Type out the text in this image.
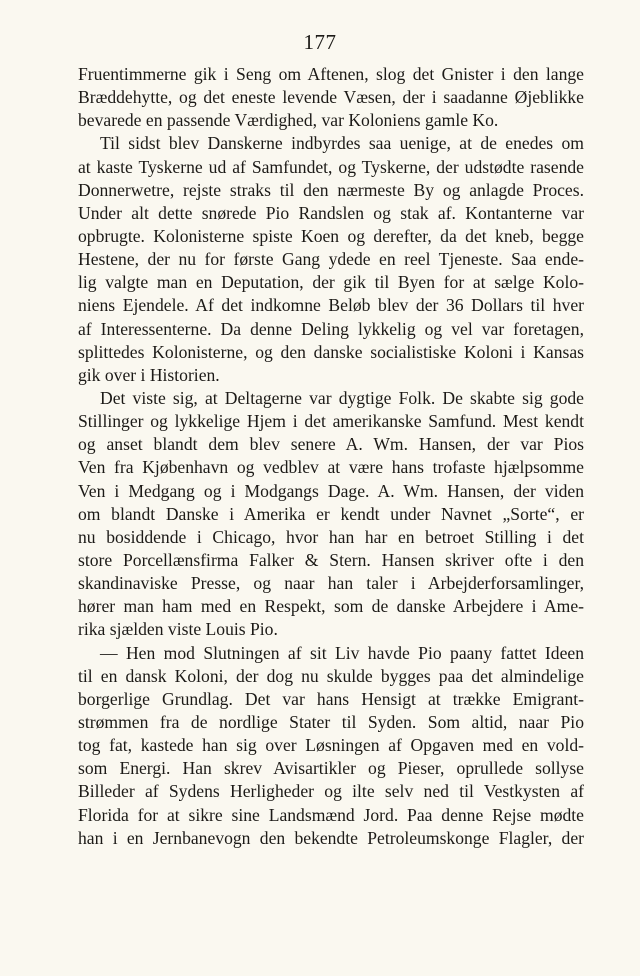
177
Fruentimmerne gik i Seng om Aftenen, slog det Gnister i den lange
Bræddehytte, og det eneste levende Væsen, der i saadanne Øjeblikke
bevarede en passende Værdighed, var Koloniens gamle Ko.
Til sidst blev Danskerne indbyrdes saa uenige, at de enedes om
at kaste Tyskerne ud af Samfundet, og Tyskerne, der udstødte rasende
Donnerwetre, rejste straks til den nærmeste By og anlagde Proces.
Under alt dette snørede Pio Randslen og stak af. Kontanterne var
opbrugte. Kolonisterne spiste Koen og derefter, da det kneb, begge
Hestene, der nu for første Gang ydede en reel Tjeneste. Saa ende-
lig valgte man en Deputation, der gik til Byen for at sælge Kolo-
niens Ejendele. Af det indkomne Beløb blev der 36 Dollars til hver
af Interessenterne. Da denne Deling lykkelig og vel var foretagen,
splittedes Kolonisterne, og den danske socialistiske Koloni i Kansas
gik over i Historien.
Det viste sig, at Deltagerne var dygtige Folk. De skabte sig gode
Stillinger og lykkelige Hjem i det amerikanske Samfund. Mest kendt
og anset blandt dem blev senere A. Wm. Hansen, der var Pios
Ven fra Kjøbenhavn og vedblev at være hans trofaste hjælpsomme
Ven i Medgang og i Modgangs Dage. A. Wm. Hansen, der viden
om blandt Danske i Amerika er kendt under Navnet „Sorte“, er
nu bosiddende i Chicago, hvor han har en betroet Stilling i det
store Porcellænsfirma Falker & Stern. Hansen skriver ofte i den
skandinaviske Presse, og naar han taler i Arbejderforsamlinger,
hører man ham med en Respekt, som de danske Arbejdere i Ame-
rika sjælden viste Louis Pio.
— Hen mod Slutningen af sit Liv havde Pio paany fattet Ideen
til en dansk Koloni, der dog nu skulde bygges paa det almindelige
borgerlige Grundlag. Det var hans Hensigt at trække Emigrant-
strømmen fra de nordlige Stater til Syden. Som altid, naar Pio
tog fat, kastede han sig over Løsningen af Opgaven med en vold-
som Energi. Han skrev Avisartikler og Pieser, oprullede sollyse
Billeder af Sydens Herligheder og ilte selv ned til Vestkysten af
Florida for at sikre sine Landsmænd Jord. Paa denne Rejse mødte
han i en Jernbanevogn den bekendte Petroleumskonge Flagler, der
